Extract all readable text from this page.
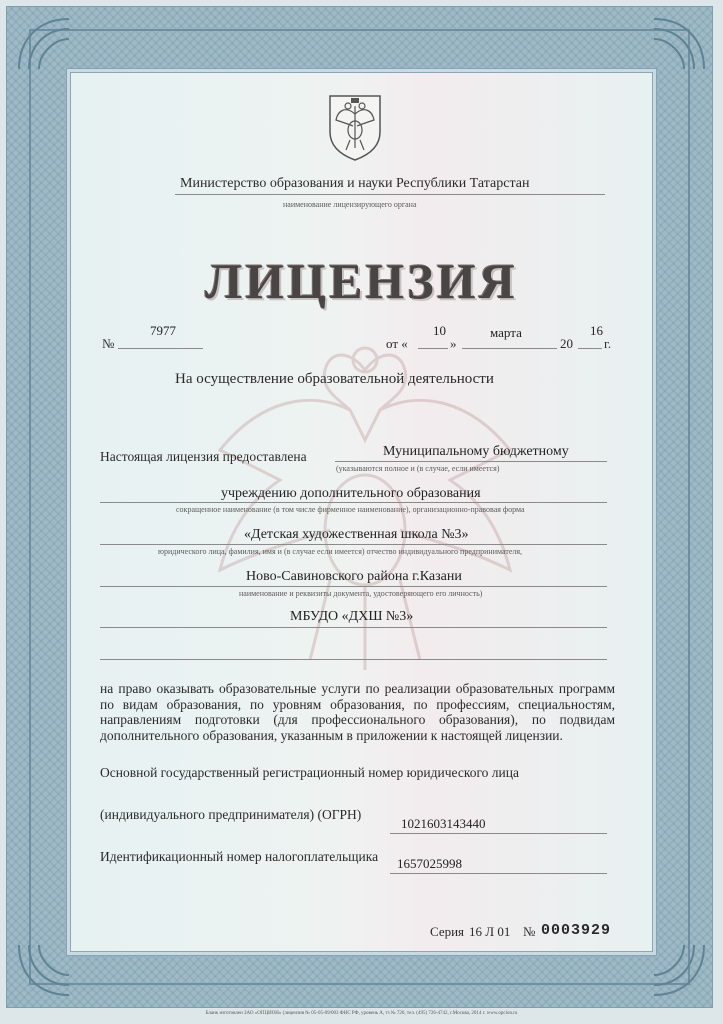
Министерство образования и науки Республики Татарстан
наименование лицензирующего органа
ЛИЦЕНЗИЯ
№
7977
от «
10
»
марта
20
16
г.
На осуществление образовательной деятельности
Настоящая лицензия предоставлена	Муниципальному бюджетному
(указываются полное и (в случае, если имеется)
учреждению дополнительного образования
сокращенное наименование (в том числе фирменное наименование), организационно-правовая форма
«Детская художественная школа №3»
юридического лица, фамилия, имя и (в случае если имеется) отчество индивидуального предпринимателя,
Ново-Савиновского района г.Казани
наименование и реквизиты документа, удостоверяющего его личность)
МБУДО «ДХШ №3»
на право оказывать образовательные услуги по реализации образовательных программ по видам образования, по уровням образования, по профессиям, специальностям, направлениям подготовки (для профессионального образования), по подвидам дополнительного образования, указанным в приложении к настоящей лицензии.
Основной государственный регистрационный номер юридического лица
(индивидуального предпринимателя) (ОГРН)
1021603143440
Идентификационный номер налогоплательщика 1657025998
Серия 16 Л 01 № 0003929
Бланк изготовлен ЗАО «ОПЦИОН» (лицензия № 05-05-09/003 ФНС РФ, уровень А, тз № 720, тел. (495) 726-4742, г.Москва, 2014 г. www.opcion.ru
